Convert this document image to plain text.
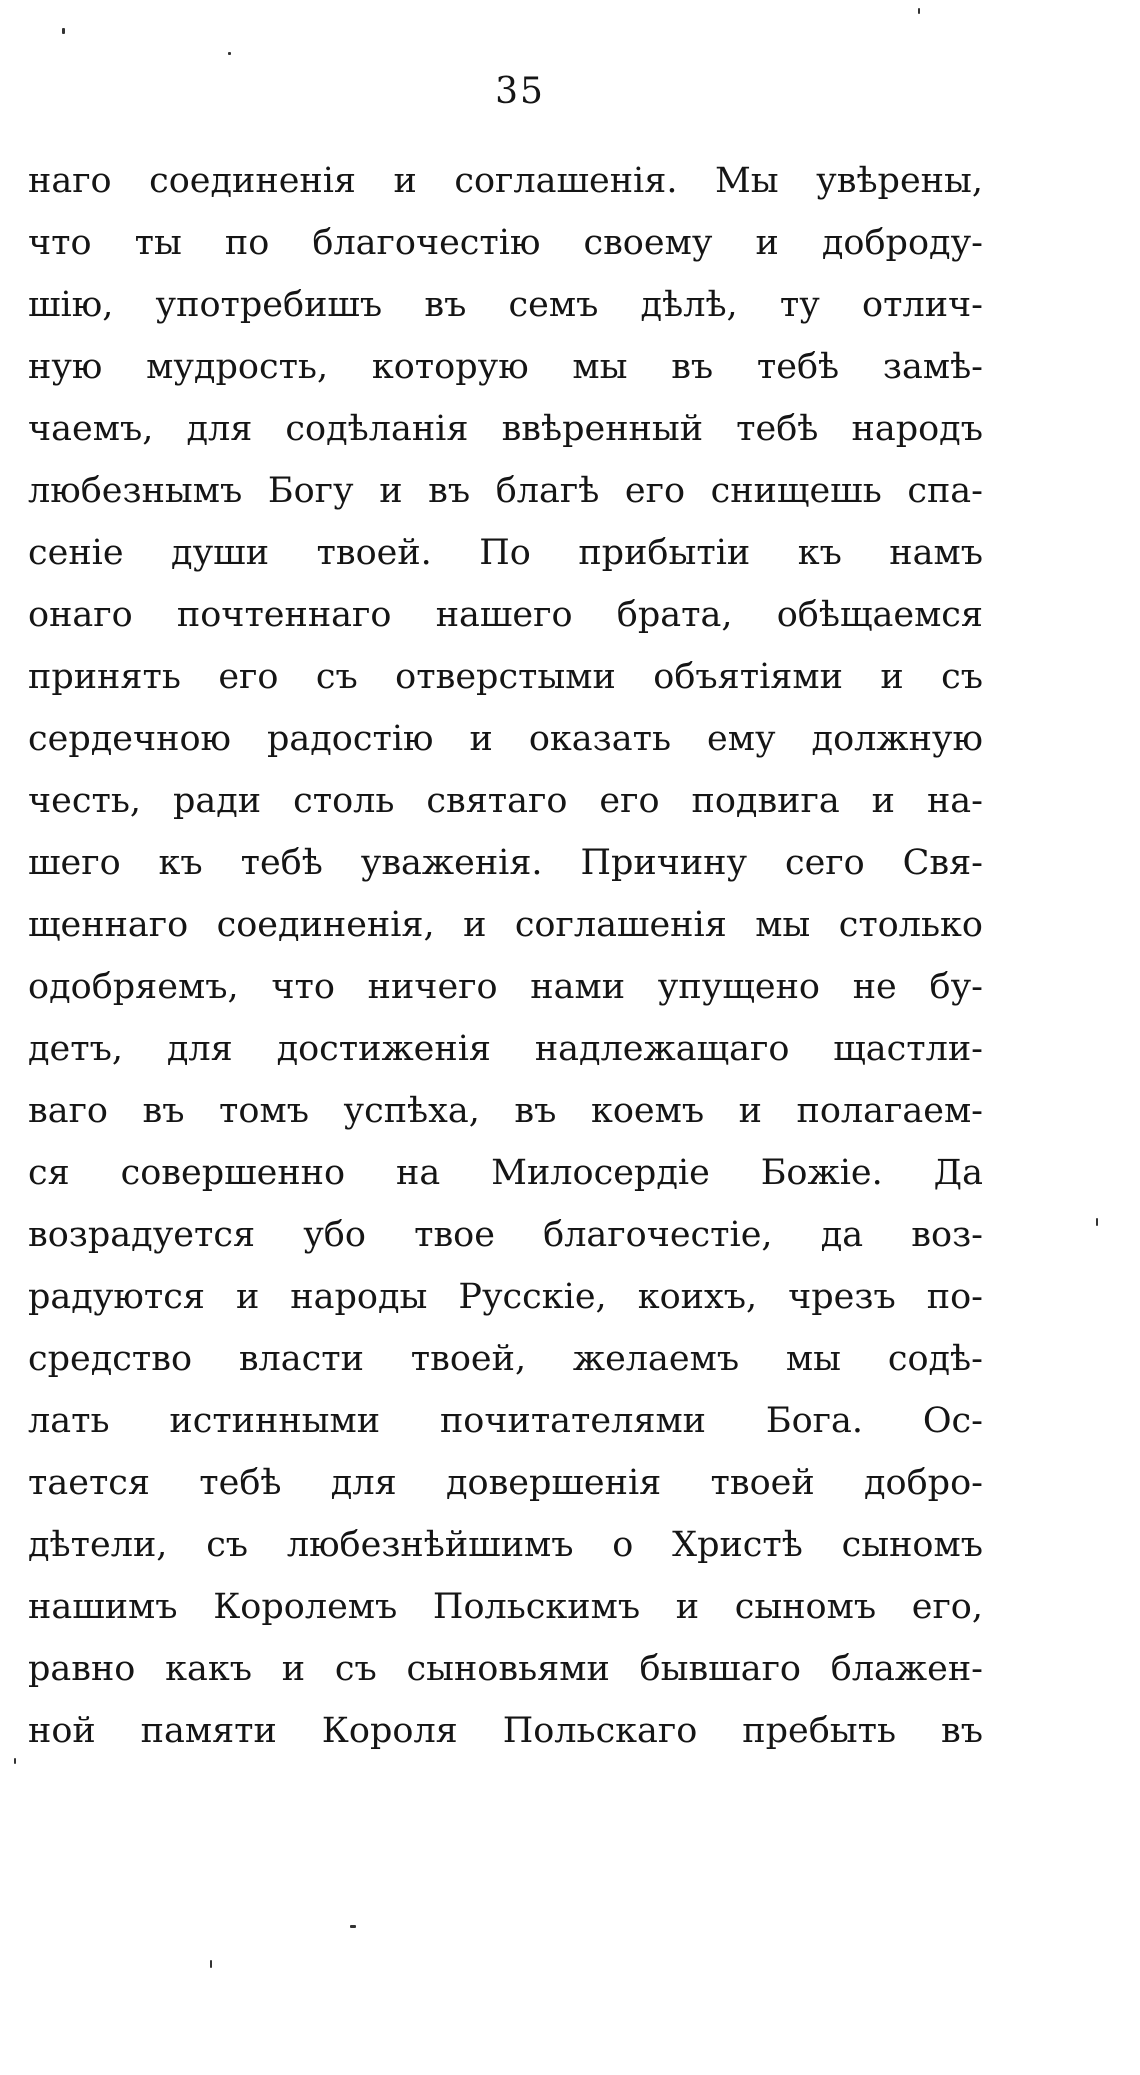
35
наго соединенія и соглашенія. Мы увѣрены,
что ты по благочестію своему и доброду-
шію, употребишъ въ семъ дѣлѣ, ту отлич-
ную мудрость, которую мы въ тебѣ замѣ-
чаемъ, для содѣланія ввѣренный тебѣ народъ
любезнымъ Богу и въ благѣ его снищешь спа-
сеніе души твоей. По прибытіи къ намъ
онаго почтеннаго нашего брата, обѣщаемся
принять его съ отверстыми объятіями и съ
сердечною радостію и оказать ему должную
честь, ради столь святаго его подвига и на-
шего къ тебѣ уваженія. Причину сего Свя-
щеннаго соединенія, и соглашенія мы столько
одобряемъ, что ничего нами упущено не бу-
детъ, для достиженія надлежащаго щастли-
ваго въ томъ успѣха, въ коемъ и полагаем-
ся совершенно на Милосердіе Божіе. Да
возрадуется убо твое благочестіе, да воз-
радуются и народы Русскіе, коихъ, чрезъ по-
средство власти твоей, желаемъ мы содѣ-
лать истинными почитателями Бога. Ос-
тается тебѣ для довершенія твоей добро-
дѣтели, съ любезнѣйшимъ о Христѣ сыномъ
нашимъ Королемъ Польскимъ и сыномъ его,
равно какъ и съ сыновьями бывшаго блажен-
ной памяти Короля Польскаго пребыть въ
